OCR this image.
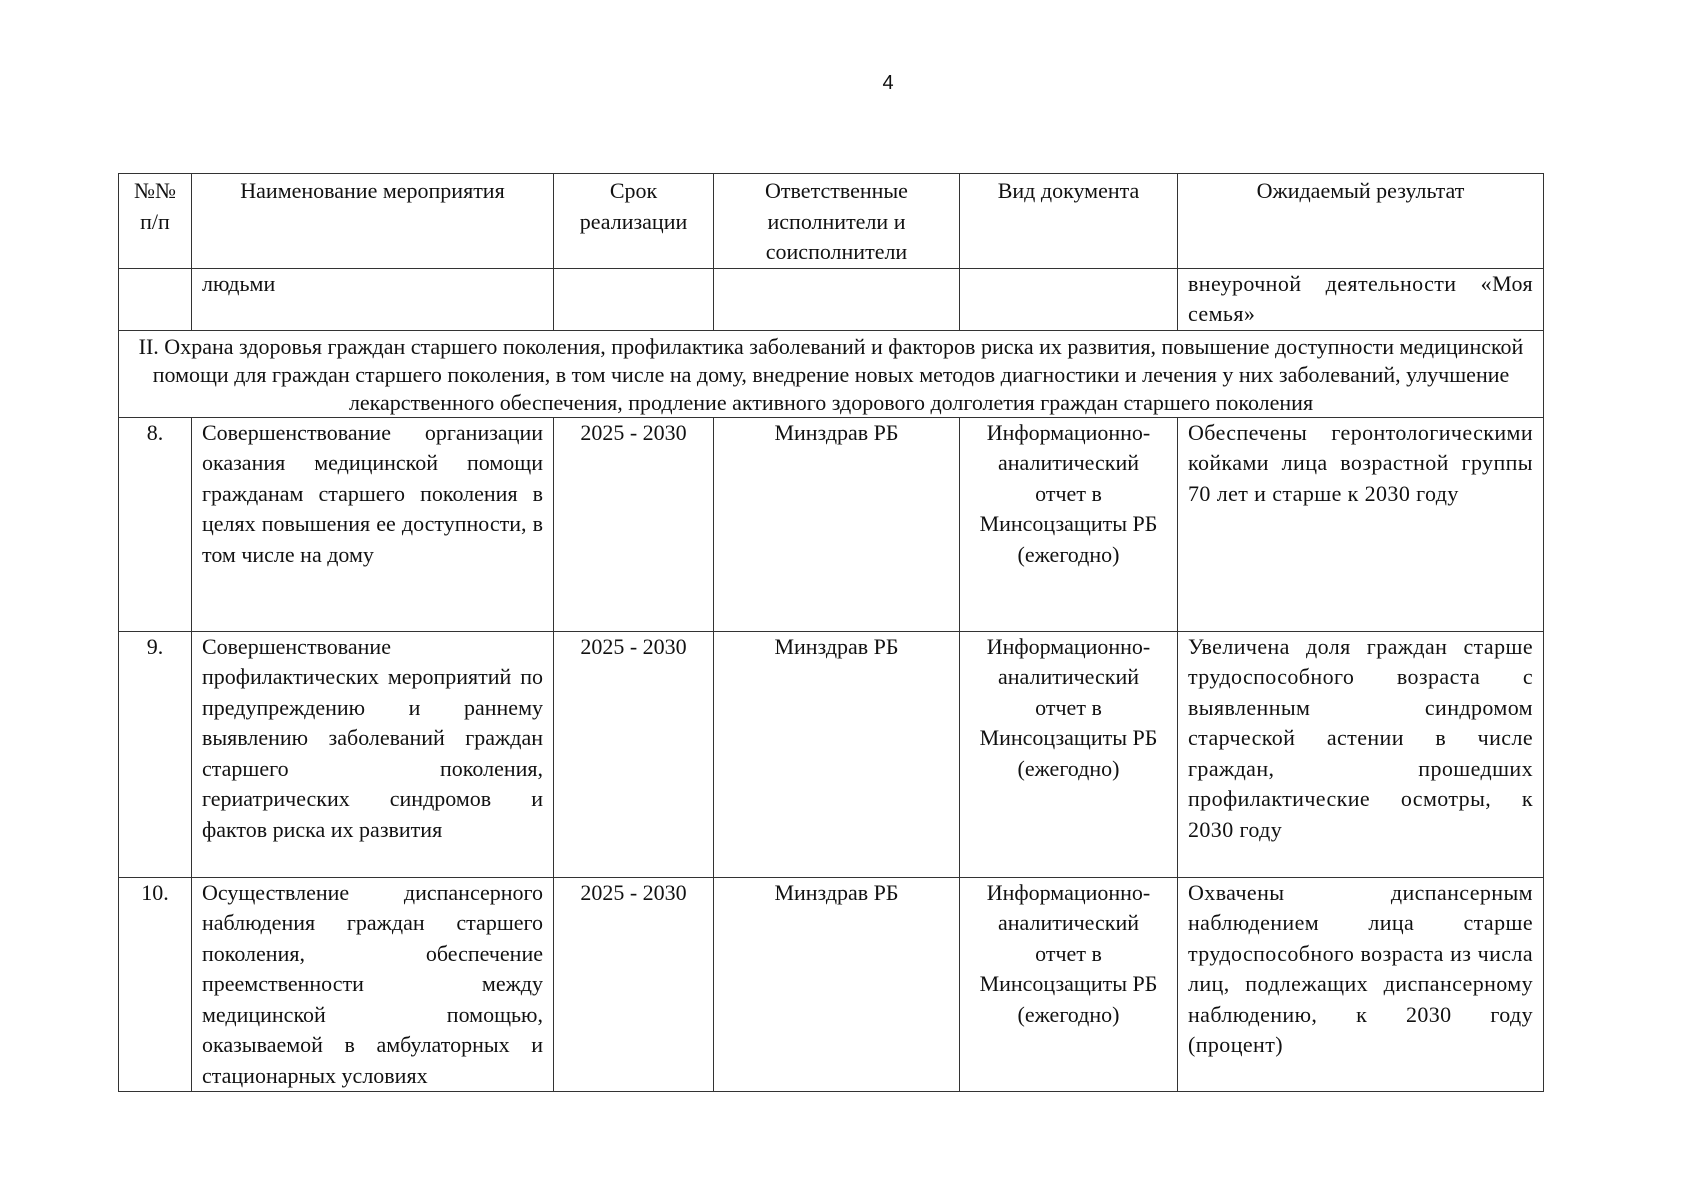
4
№№ п/п	Наименование мероприятия	Срок реализации	Ответственные исполнители и соисполнители	Вид документа	Ожидаемый результат
	людьми				внеурочной деятельности «Моя семья»
II. Охрана здоровья граждан старшего поколения, профилактика заболеваний и факторов риска их развития, повышение доступности медицинской помощи для граждан старшего поколения, в том числе на дому, внедрение новых методов диагностики и лечения у них заболеваний, улучшение лекарственного обеспечения, продление активного здорового долголетия граждан старшего поколения					
8.	Совершенствование организации оказания медицинской помощи гражданам старшего поколения в целях повышения ее доступности, в том числе на дому	2025 - 2030	Минздрав РБ	Информационно-аналитический отчет в Минсоцзащиты РБ (ежегодно)	Обеспечены геронтологическими койками лица возрастной группы 70 лет и старше к 2030 году
9.	Совершенствование профилактических мероприятий по предупреждению и раннему выявлению заболеваний граждан старшего поколения, гериатрических синдромов и фактов риска их развития	2025 - 2030	Минздрав РБ	Информационно-аналитический отчет в Минсоцзащиты РБ (ежегодно)	Увеличена доля граждан старше трудоспособного возраста с выявленным синдромом старческой астении в числе граждан, прошедших профилактические осмотры, к 2030 году
10.	Осуществление диспансерного наблюдения граждан старшего поколения, обеспечение преемственности между медицинской помощью, оказываемой в амбулаторных и стационарных условиях	2025 - 2030	Минздрав РБ	Информационно-аналитический отчет в Минсоцзащиты РБ (ежегодно)	Охвачены диспансерным наблюдением лица старше трудоспособного возраста из числа лиц, подлежащих диспансерному наблюдению, к 2030 году (процент)
